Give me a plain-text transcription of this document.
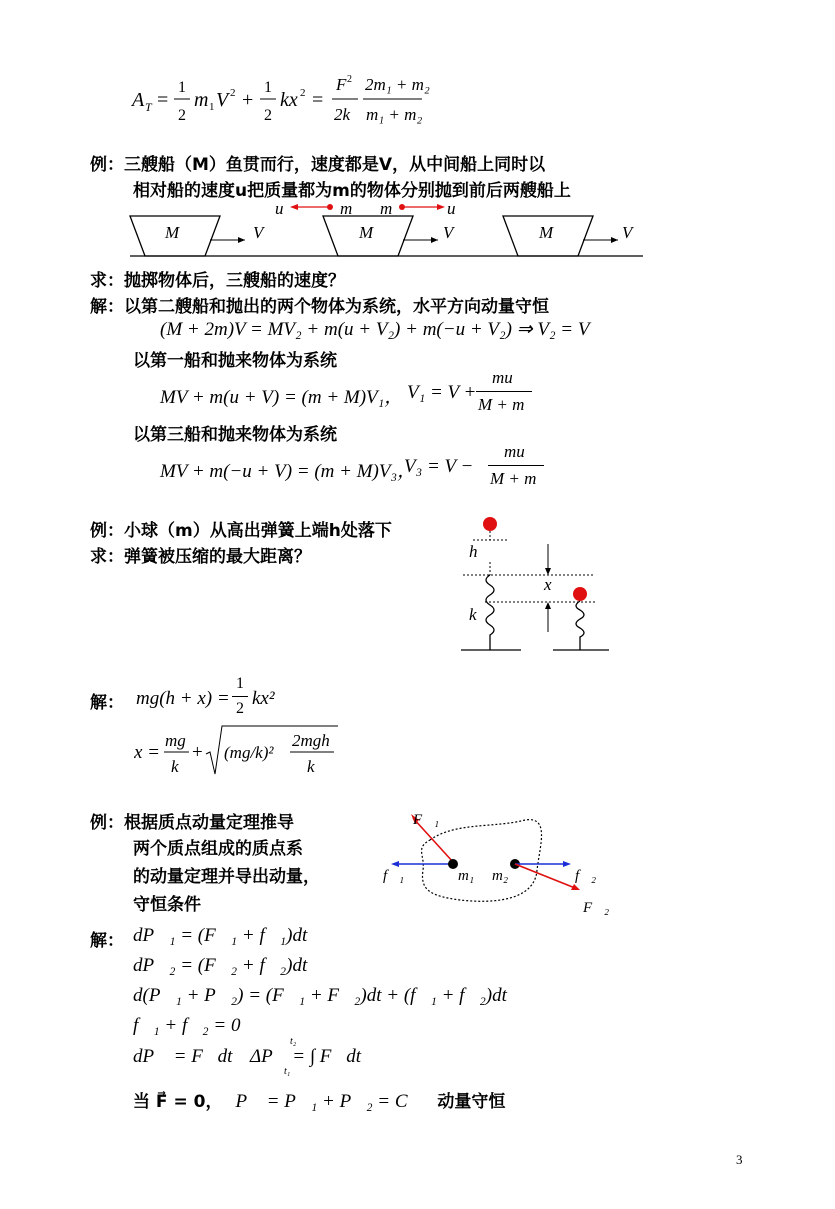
A T =
1
2
m 1 V 2 +
1
2
kx 2 =
F 2
2k
2m₁ + m₂
m₁ + m₂
例：三艘船（M）鱼贯而行，速度都是V，从中间船上同时以
相对船的速度u把质量都为m的物体分别抛到前后两艘船上
M	V	M	V
u	m m	u
M	V
求：抛掷物体后，三艘船的速度？
解：以第二艘船和抛出的两个物体为系统，水平方向动量守恒
(M + 2m)V = MV₂ + m(u + V₂) + m(−u + V₂) ⇒ V₂ = V
以第一船和抛来物体为系统
MV + m(u + V) = (m + M)V₁， V₁ = V +
mu
M + m
以第三船和抛来物体为系统
MV + m(−u + V) = (m + M)V₃，
V₃ = V −
mu
M + m
例：小球（m）从高出弹簧上端h处落下
求：弹簧被压缩的最大距离？	h
x
k
解： mg(h + x) =
1
2 kx²
x =
mg
k
+ (mg/k)²
2mgh
k
例：根据质点动量定理推导
两个质点组成的质点系
的动量定理并导出动量，
守恒条件
F⃗₁
f⃗₁	m₁ m₂	f⃗₂
F⃗₂
解： dP⃗₁ = (F⃗₁ + f⃗₁)dt
dP⃗₂ = (F⃗₂ + f⃗₂)dt
d(P⃗₁ + P⃗₂) = (F⃗₁ + F⃗₂)dt + (f⃗₁ + f⃗₂)dt
f⃗₁ + f⃗₂ = 0
dP⃗ = F⃗dt， ΔP⃗ = ∫ F⃗dt
t₂
t₁
当 F⃗ = 0， P⃗ = P⃗₁ + P⃗₂ = C⃗ 动量守恒
3
